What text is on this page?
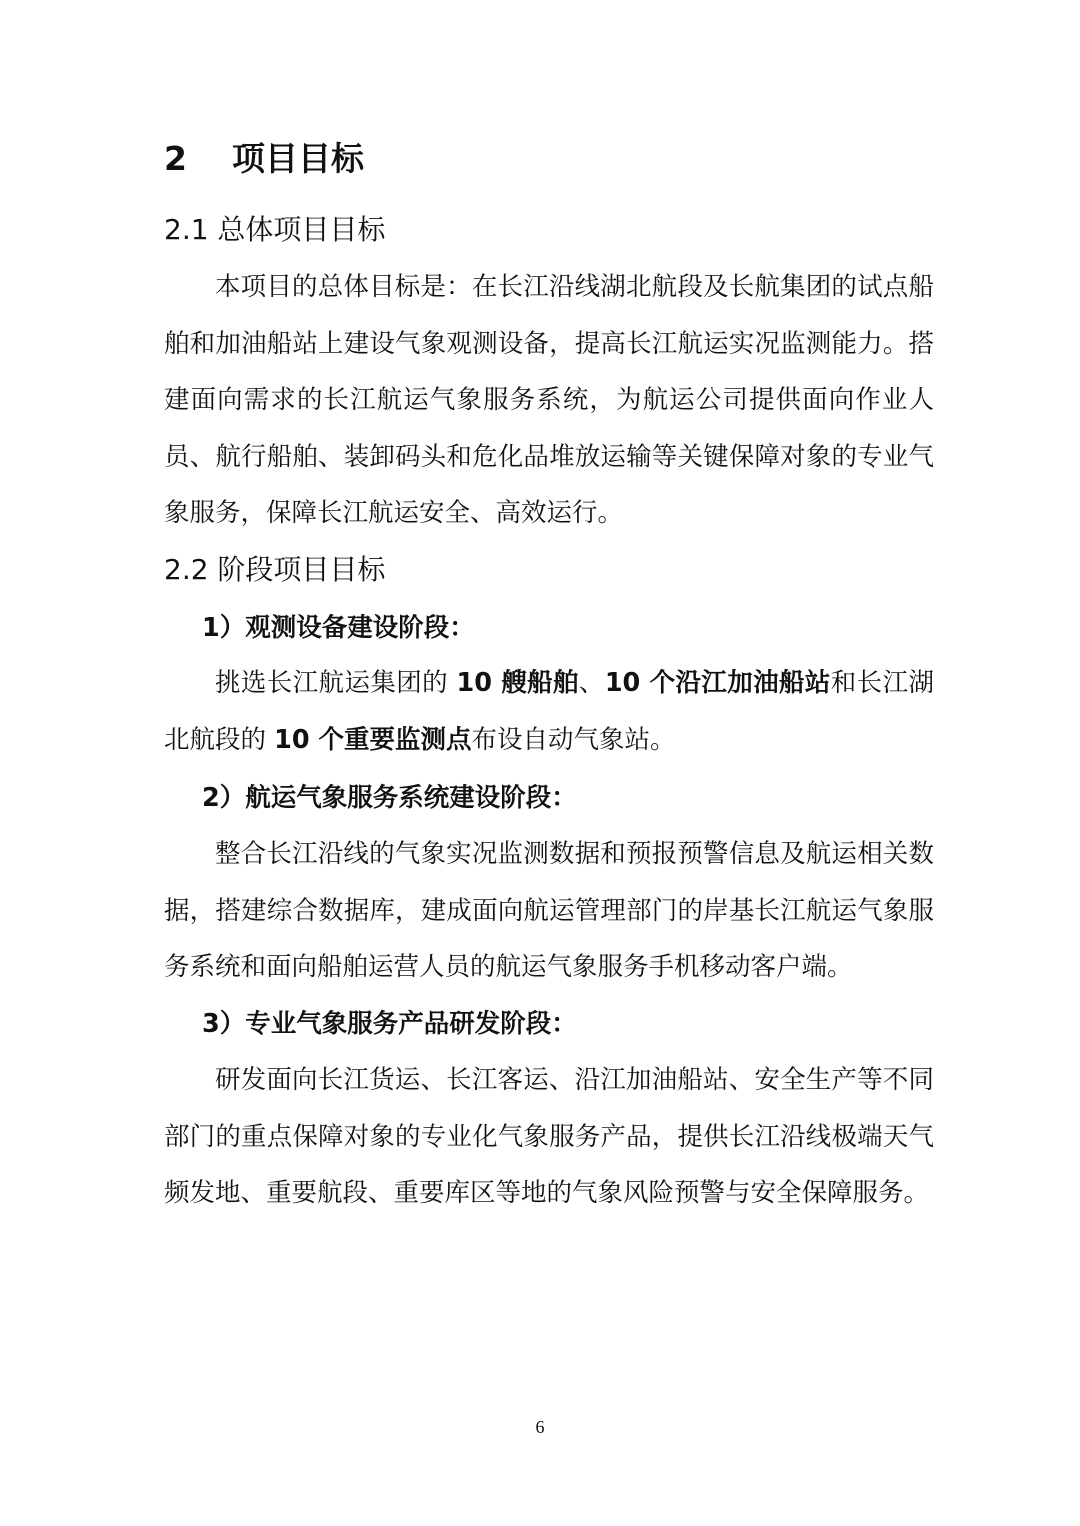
2 项目目标
2.1 总体项目目标

本项目的总体目标是：在长江沿线湖北航段及长航集团的试点船舶和加油船站上建设气象观测设备，提高长江航运实况监测能力。搭建面向需求的长江航运气象服务系统，为航运公司提供面向作业人员、航行船舶、装卸码头和危化品堆放运输等关键保障对象的专业气象服务，保障长江航运安全、高效运行。

2.2 阶段项目目标
1）观测设备建设阶段：

挑选长江航运集团的 10 艘船舶、10 个沿江加油船站和长江湖北航段的 10 个重要监测点布设自动气象站。

2）航运气象服务系统建设阶段：

整合长江沿线的气象实况监测数据和预报预警信息及航运相关数据，搭建综合数据库，建成面向航运管理部门的岸基长江航运气象服务系统和面向船舶运营人员的航运气象服务手机移动客户端。

3）专业气象服务产品研发阶段：

研发面向长江货运、长江客运、沿江加油船站、安全生产等不同部门的重点保障对象的专业化气象服务产品，提供长江沿线极端天气频发地、重要航段、重要库区等地的气象风险预警与安全保障服务。

6
